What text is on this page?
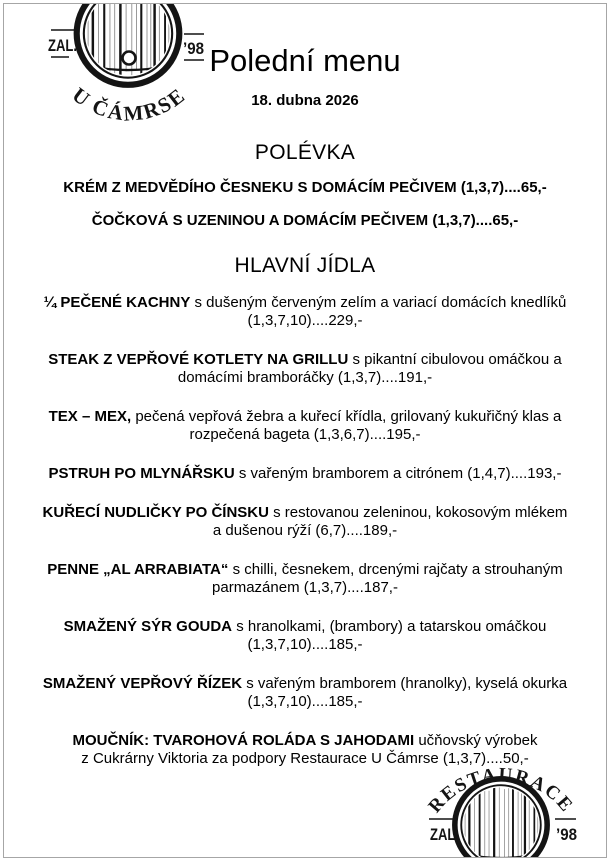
ZAL.	’98
U ČÁMRSE
Polední menu
18. dubna 2026
POLÉVKA
KRÉM Z MEDVĚDÍHO ČESNEKU S DOMÁCÍM PEČIVEM (1,3,7)....65,-
ČOČKOVÁ S UZENINOU A DOMÁCÍM PEČIVEM (1,3,7)....65,-
HLAVNÍ JÍDLA
¼ PEČENÉ KACHNY s dušeným červeným zelím a variací domácích knedlíků
(1,3,7,10)....229,-
STEAK Z VEPŘOVÉ KOTLETY NA GRILLU s pikantní cibulovou omáčkou a
domácími bramboráčky (1,3,7)....191,-
TEX – MEX, pečená vepřová žebra a kuřecí křídla, grilovaný kukuřičný klas a
rozpečená bageta (1,3,6,7)....195,-
PSTRUH PO MLYNÁŘSKU s vařeným bramborem a citrónem (1,4,7)....193,-
KUŘECÍ NUDLIČKY PO ČÍNSKU s restovanou zeleninou, kokosovým mlékem
a dušenou rýží (6,7)....189,-
PENNE „AL ARRABIATA“ s chilli, česnekem, drcenými rajčaty a strouhaným
parmazánem (1,3,7)....187,-
SMAŽENÝ SÝR GOUDA s hranolkami, (brambory) a tatarskou omáčkou
(1,3,7,10)....185,-
SMAŽENÝ VEPŘOVÝ ŘÍZEK s vařeným bramborem (hranolky), kyselá okurka
(1,3,7,10)....185,-
MOUČNÍK: TVAROHOVÁ ROLÁDA S JAHODAMI učňovský výrobek
z Cukrárny Viktoria za podpory Restaurace U Čámrse (1,3,7)....50,-
ZAL.	’98
RESTAURACE
